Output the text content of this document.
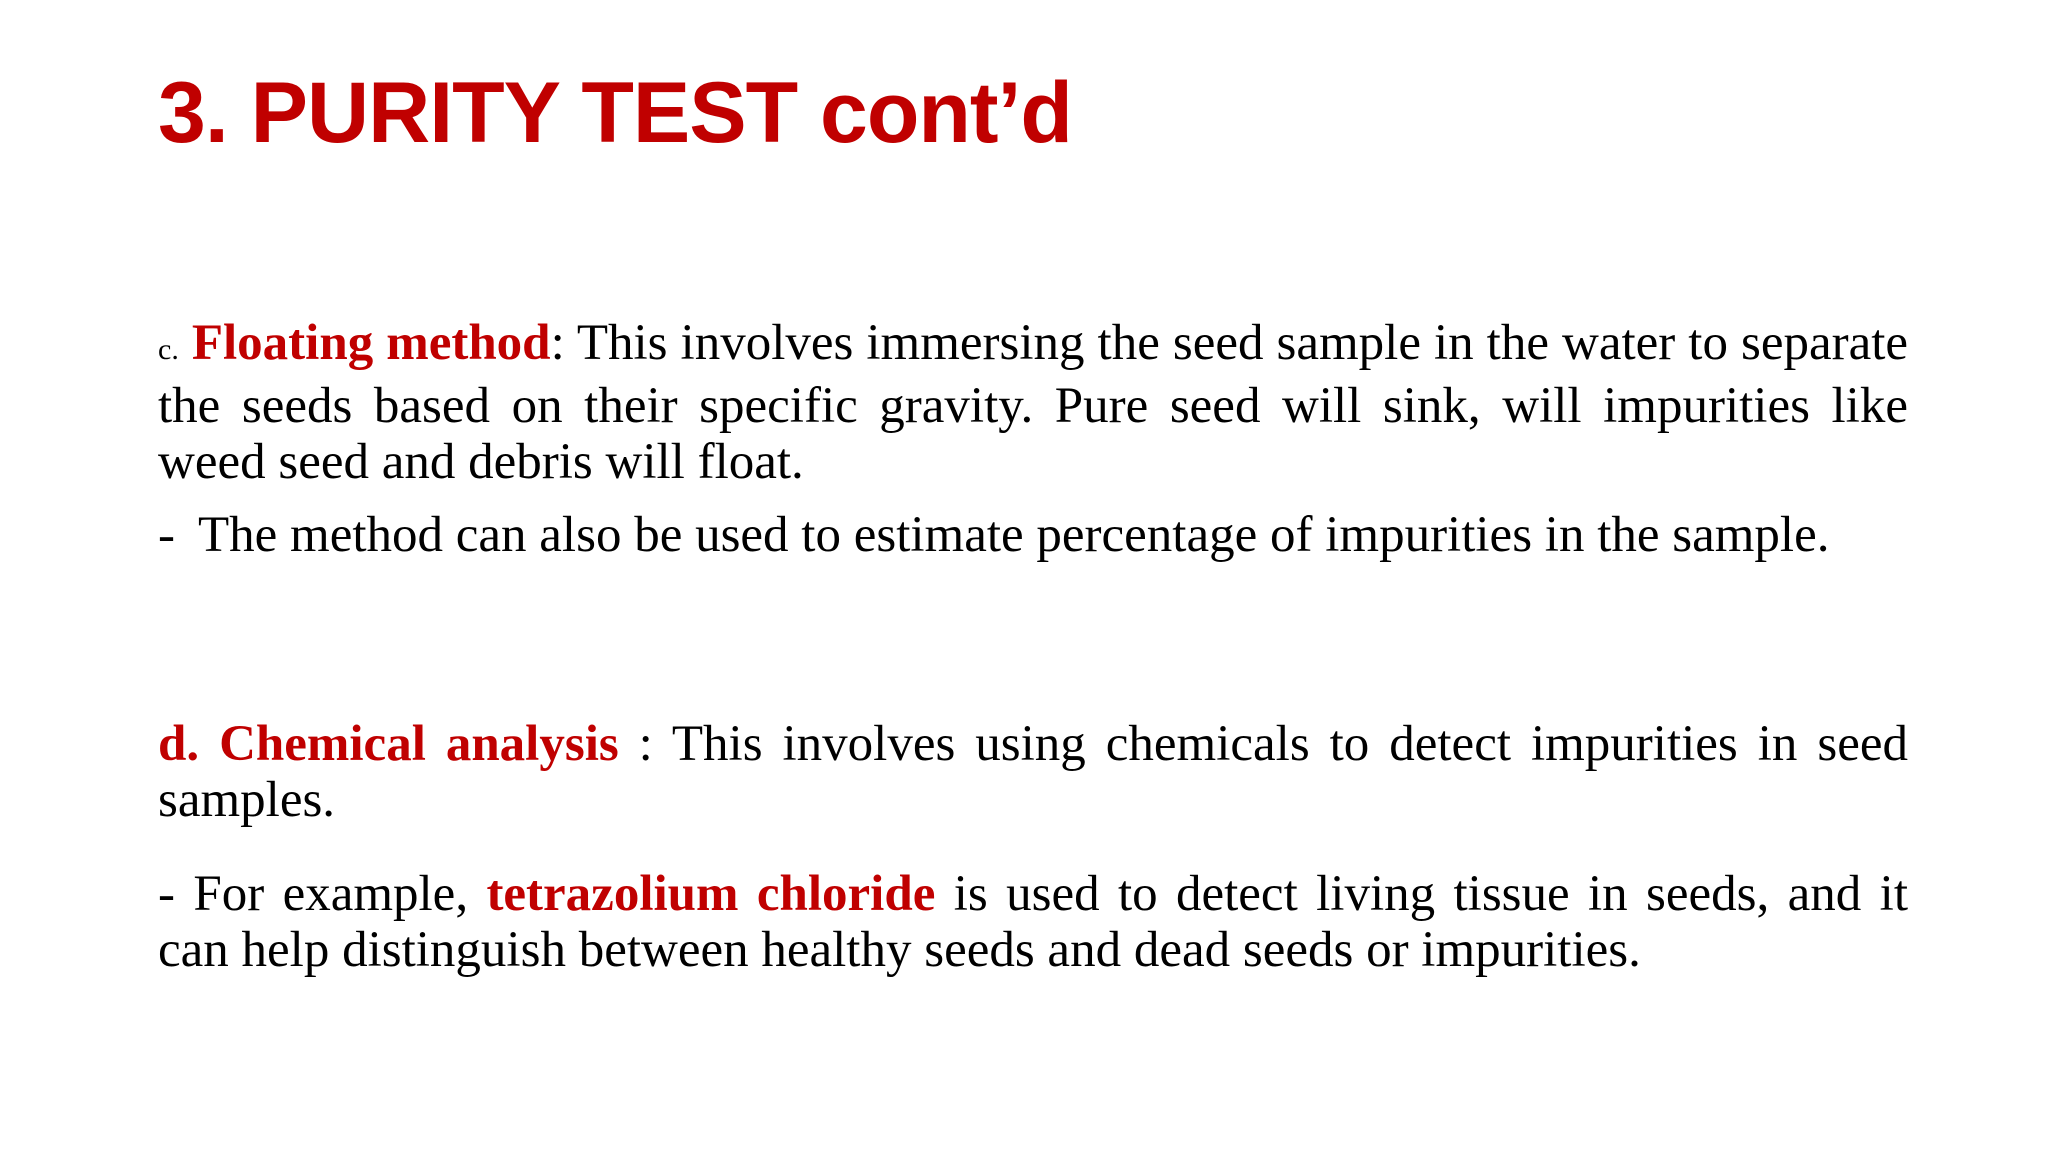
3. PURITY TEST cont’d

c. Floating method: This involves immersing the seed sample in the water to separate the seeds based on their specific gravity. Pure seed will sink, will impurities like weed seed and debris will float.

- The method can also be used to estimate percentage of impurities in the sample.

d. Chemical analysis : This involves using chemicals to detect impurities in seed samples.

- For example, tetrazolium chloride is used to detect living tissue in seeds, and it can help distinguish between healthy seeds and dead seeds or impurities.
